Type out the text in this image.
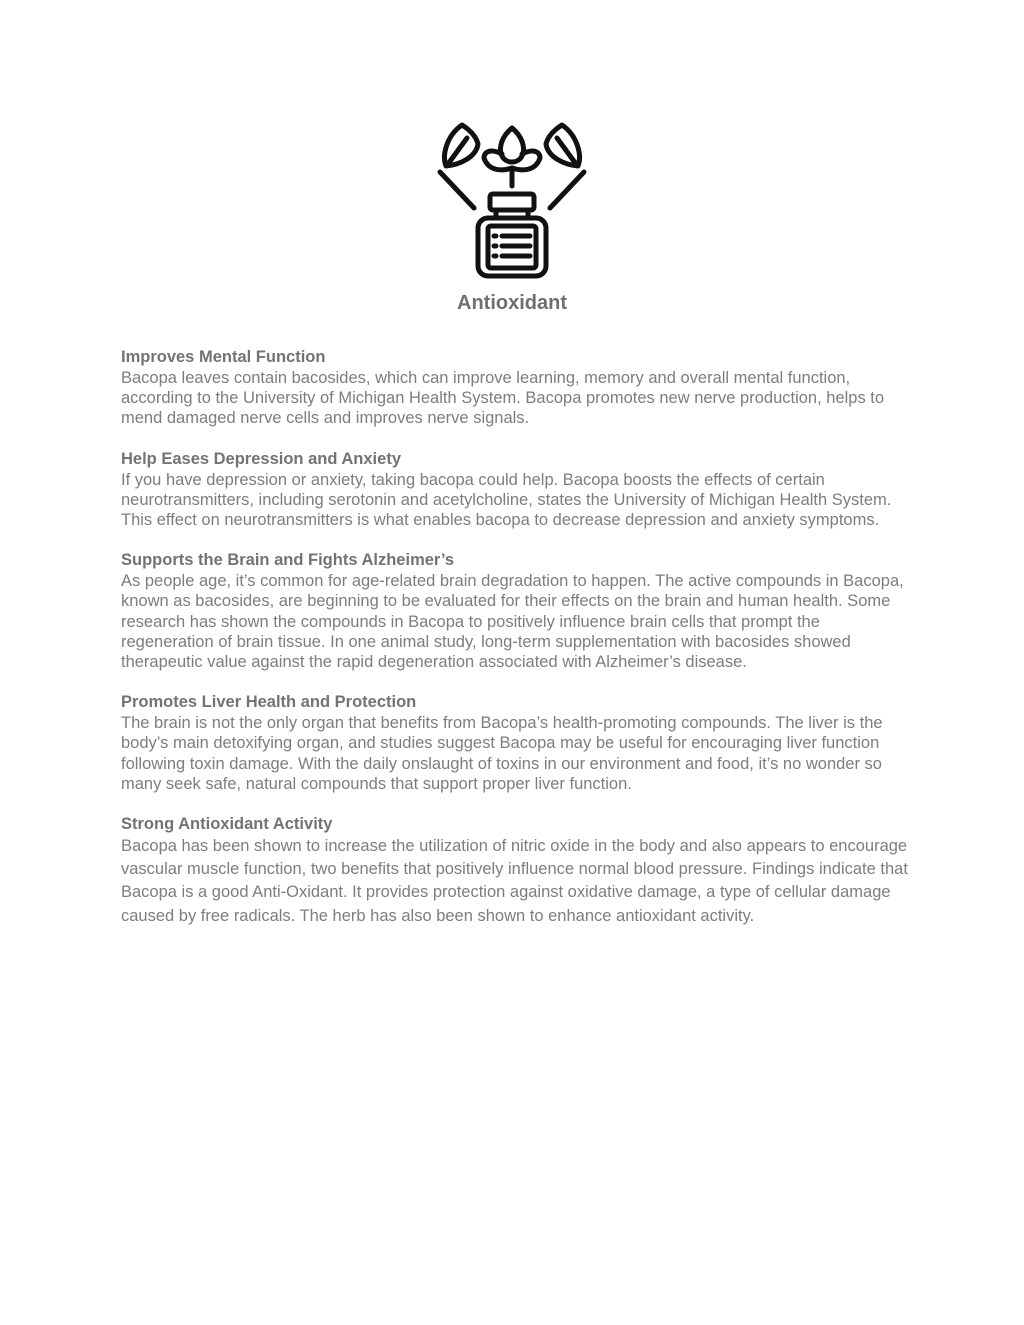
Antioxidant
Improves Mental Function
Bacopa leaves contain bacosides, which can improve learning, memory and overall mental function, according to the University of Michigan Health System. Bacopa promotes new nerve production, helps to mend damaged nerve cells and improves nerve signals.
Help Eases Depression and Anxiety
If you have depression or anxiety, taking bacopa could help. Bacopa boosts the effects of certain neurotransmitters, including serotonin and acetylcholine, states the University of Michigan Health System. This effect on neurotransmitters is what enables bacopa to decrease depression and anxiety symptoms.
Supports the Brain and Fights Alzheimer’s
As people age, it’s common for age-related brain degradation to happen. The active compounds in Bacopa, known as bacosides, are beginning to be evaluated for their effects on the brain and human health. Some research has shown the compounds in Bacopa to positively influence brain cells that prompt the regeneration of brain tissue. In one animal study, long-term supplementation with bacosides showed therapeutic value against the rapid degeneration associated with Alzheimer’s disease.
Promotes Liver Health and Protection
The brain is not the only organ that benefits from Bacopa’s health-promoting compounds. The liver is the body’s main detoxifying organ, and studies suggest Bacopa may be useful for encouraging liver function following toxin damage. With the daily onslaught of toxins in our environment and food, it’s no wonder so many seek safe, natural compounds that support proper liver function.
Strong Antioxidant Activity
Bacopa has been shown to increase the utilization of nitric oxide in the body and also appears to encourage vascular muscle function, two benefits that positively influence normal blood pressure. Findings indicate that Bacopa is a good Anti-Oxidant. It provides protection against oxidative damage, a type of cellular damage caused by free radicals. The herb has also been shown to enhance antioxidant activity.
